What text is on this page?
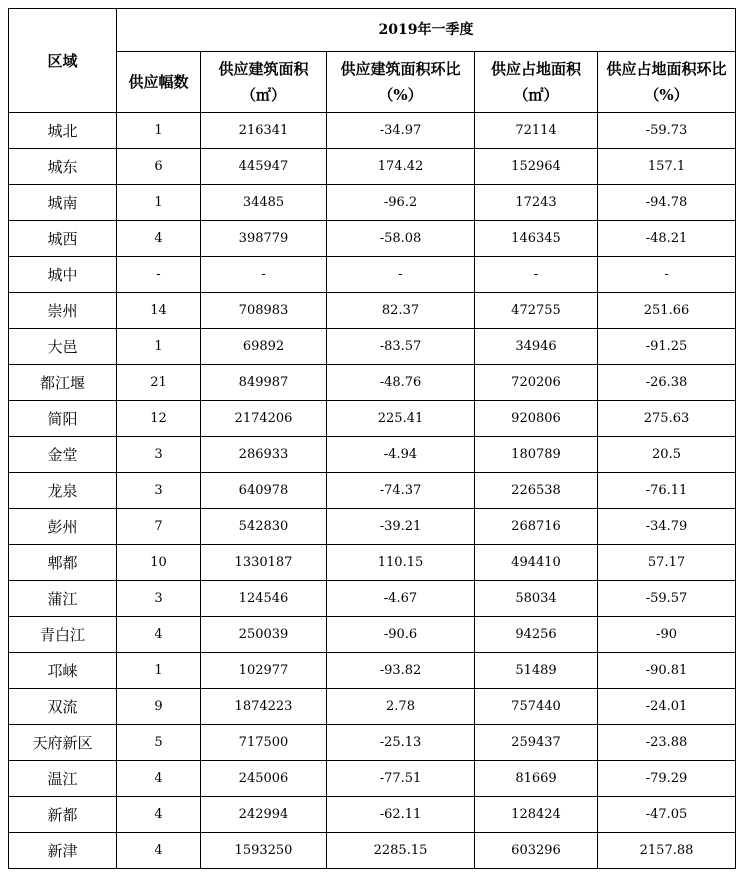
区域	2019年一季度				
	供应幅数	供应建筑面积（㎡）	供应建筑面积环比（%）	供应占地面积（㎡）	供应占地面积环比（%）
城北	1	216341	-34.97	72114	-59.73
城东	6	445947	174.42	152964	157.1
城南	1	34485	-96.2	17243	-94.78
城西	4	398779	-58.08	146345	-48.21
城中	-	-	-	-	-
崇州	14	708983	82.37	472755	251.66
大邑	1	69892	-83.57	34946	-91.25
都江堰	21	849987	-48.76	720206	-26.38
简阳	12	2174206	225.41	920806	275.63
金堂	3	286933	-4.94	180789	20.5
龙泉	3	640978	-74.37	226538	-76.11
彭州	7	542830	-39.21	268716	-34.79
郫都	10	1330187	110.15	494410	57.17
蒲江	3	124546	-4.67	58034	-59.57
青白江	4	250039	-90.6	94256	-90
邛崃	1	102977	-93.82	51489	-90.81
双流	9	1874223	2.78	757440	-24.01
天府新区	5	717500	-25.13	259437	-23.88
温江	4	245006	-77.51	81669	-79.29
新都	4	242994	-62.11	128424	-47.05
新津	4	1593250	2285.15	603296	2157.88
